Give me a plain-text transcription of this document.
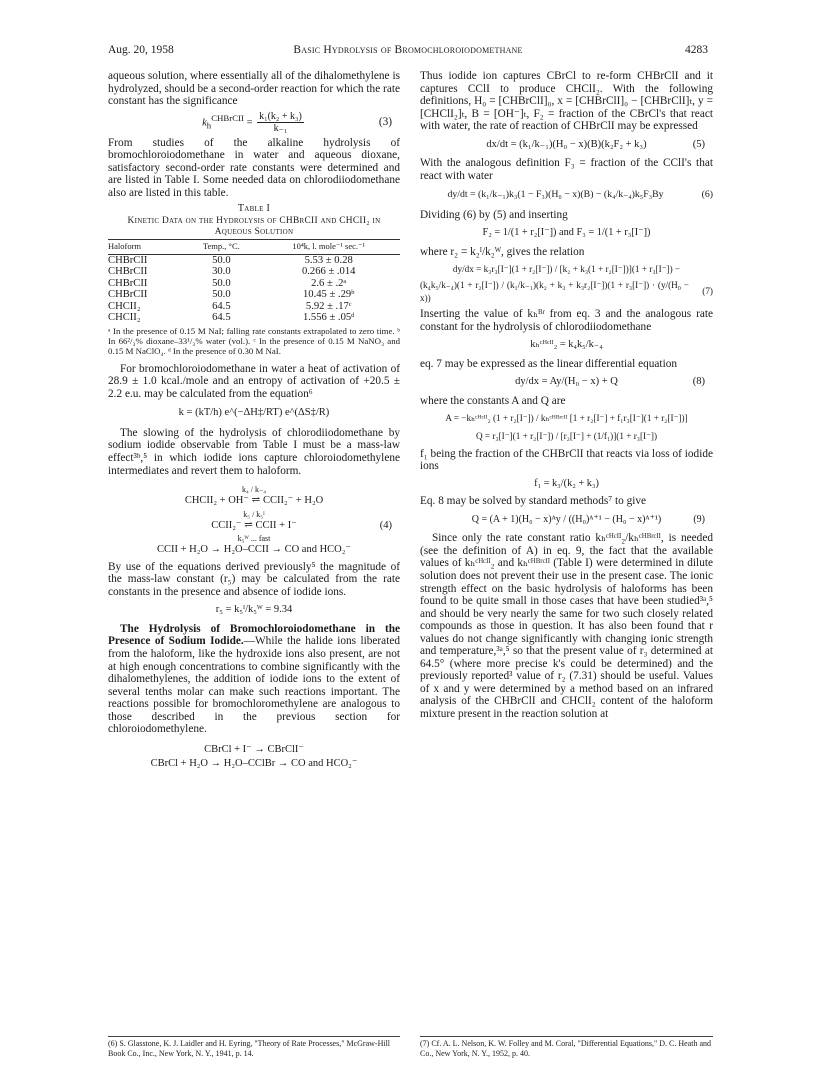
Aug. 20, 1958	Basic Hydrolysis of Bromochloroiodomethane	4283

aqueous solution, where essentially all of the dihalomethylene is hydrolyzed, should be a second-order reaction for which the rate constant has the significance

$k_h^{CHBrCII} = \frac{\text{k₁(k₂ + k₃)}}{\text{k₋₁}}$	(3)

From studies of the alkaline hydrolysis of bromochloroiodomethane in water and aqueous dioxane, satisfactory second-order rate constants were determined and are listed in Table I. Some needed data on chlorodiiodomethane also are listed in this table.

Table I
Kinetic Data on the Hydrolysis of CHBrCII and CHCII₂ in Aqueous Solution
Haloform	Temp., °C.	10⁴k, l. mole⁻¹ sec.⁻¹
CHBrCII	50.0	5.53 ± 0.28
CHBrCII	30.0	0.266 ± .014
CHBrCII	50.0	2.6 ± .2ᵃ
CHBrCII	50.0	10.45 ± .29ᵇ
CHCII₂	64.5	5.92 ± .17ᶜ
CHCII₂	64.5	1.556 ± .05ᵈ
ᵃ In the presence of 0.15 M NaI; falling rate constants extrapolated to zero time. ᵇ In 66²/₃% dioxane–33¹/₃% water (vol.). ᶜ In the presence of 0.15 M NaNO₃ and 0.15 M NaClO₄. ᵈ In the presence of 0.30 M NaI.

For bromochloroiodomethane in water a heat of activation of 28.9 ± 1.0 kcal./mole and an entropy of activation of +20.5 ± 2.2 e.u. may be calculated from the equation⁶

k = (kT/h) e^(−ΔH‡/RT) e^(ΔS‡/R)

The slowing of the hydrolysis of chlorodiiodomethane by sodium iodide observable from Table I must be a mass-law effect³ᵇ,⁵ in which iodide ions capture chloroiodomethylene intermediates and revert them to haloform.

k₄ / k₋₄
CHCII₂ + OH⁻ ⇌ CCII₂⁻ + H₂O
k₅ / k₅ᴵ
CCII₂⁻ ⇌ CCII + I⁻	(4)
k₅ᵂ ... fast
CCII + H₂O → H₂O–CCII → CO and HCO₂⁻

By use of the equations derived previously⁵ the magnitude of the mass-law constant (r₅) may be calculated from the rate constants in the presence and absence of iodide ions.

r₅ = k₅ᴵ/k₅ᵂ = 9.34

The Hydrolysis of Bromochloroiodomethane in the Presence of Sodium Iodide.—While the halide ions liberated from the haloform, like the hydroxide ions also present, are not at high enough concentrations to combine significantly with the dihalomethylenes, the addition of iodide ions to the extent of several tenths molar can make such reactions important. The reactions possible for bromochloromethylene are analogous to those described in the previous section for chloroiodomethylene.

CBrCl + I⁻ → CBrClI⁻
CBrCl + H₂O → H₂O–CClBr → CO and HCO₂⁻

Thus iodide ion captures CBrCl to re-form CHBrClI and it captures CClI to produce CHClI₂. With the following definitions, H₀ = [CHBrClI]₀, x = [CHBrClI]₀ − [CHBrClI]ₜ, y = [CHClI₂]ₜ, B = [OH⁻]ₜ, F₂ = fraction of the CBrCl's that react with water, the rate of reaction of CHBrClI may be expressed

dx/dt = (k₁/k₋₁)(H₀ − x)(B)(k₂F₂ + k₃)	(5)

With the analogous definition F₃ = fraction of the CClI's that react with water

dy/dt = (k₁/k₋₁)k₃(1 − F₃)(H₀ − x)(B) − (k₄/k₋₄)k₅F₃By	(6)

Dividing (6) by (5) and inserting

F₂ = 1/(1 + r₂[I⁻]) and F₃ = 1/(1 + r₃[I⁻])

where r₂ = k₂ᴵ/k₂ᵂ, gives the relation

dy/dx = k₃r₃[I⁻](1 + r₂[I⁻]) / [k₂ + k₃(1 + r₂[I⁻])](1 + r₃[I⁻]) −
(k₄k₅/k₋₄)(1 + r₂[I⁻]) / (k₁/k₋₁)(k₂ + k₃ + k₃r₂[I⁻])(1 + r₃[I⁻]) · (y/(H₀ − x))
(7)

Inserting the value of kₕᴮʳ from eq. 3 and the analogous rate constant for the hydrolysis of chlorodiiodomethane

kₕᶜᴴᶜᴵᴵ₂ = k₄k₅/k₋₄

eq. 7 may be expressed as the linear differential equation

dy/dx = Ay/(H₀ − x) + Q	(8)

where the constants A and Q are

A = −kₕᶜᴴᶜᴵᴵ₂ (1 + r₂[I⁻]) / kₕᶜᴴᴮʳᶜᴵᴵ [1 + r₂[I⁻] + f₁r₃[I⁻](1 + r₂[I⁻])]
Q = r₃[I⁻](1 + r₂[I⁻]) / [r₂[I⁻] + (1/f₁)](1 + r₃[I⁻])

f₁ being the fraction of the CHBrClI that reacts via loss of iodide ions

f₁ = k₃/(k₂ + k₃)

Eq. 8 may be solved by standard methods⁷ to give

Q = (A + 1)(H₀ − x)ᴬy / ((H₀)ᴬ⁺¹ − (H₀ − x)ᴬ⁺¹)	(9)

Since only the rate constant ratio kₕᶜᴴᶜᴵᴵ₂/kₕᶜᴴᴮʳᶜᴵᴵ, is needed (see the definition of A) in eq. 9, the fact that the available values of kₕᶜᴴᶜᴵᴵ₂ and kₕᶜᴴᴮʳᶜᴵᴵ (Table I) were determined in dilute solution does not prevent their use in the present case. The ionic strength effect on the basic hydrolysis of haloforms has been found to be quite small in those cases that have been studied³ᵃ,⁵ and should be very nearly the same for two such closely related compounds as those in question. It has also been found that r values do not change significantly with changing ionic strength and temperature,³ᵃ,⁵ so that the present value of r₃ determined at 64.5° (where more precise k's could be determined) and the previously reported³ value of r₂ (7.31) should be useful. Values of x and y were determined by a method based on an infrared analysis of the CHBrClI and CHClI₂ content of the haloform mixture present in the reaction solution at

(6) S. Glasstone, K. J. Laidler and H. Eyring, "Theory of Rate Processes," McGraw-Hill Book Co., Inc., New York, N. Y., 1941, p. 14.
(7) Cf. A. L. Nelson, K. W. Folley and M. Coral, "Differential Equations," D. C. Heath and Co., New York, N. Y., 1952, p. 40.
